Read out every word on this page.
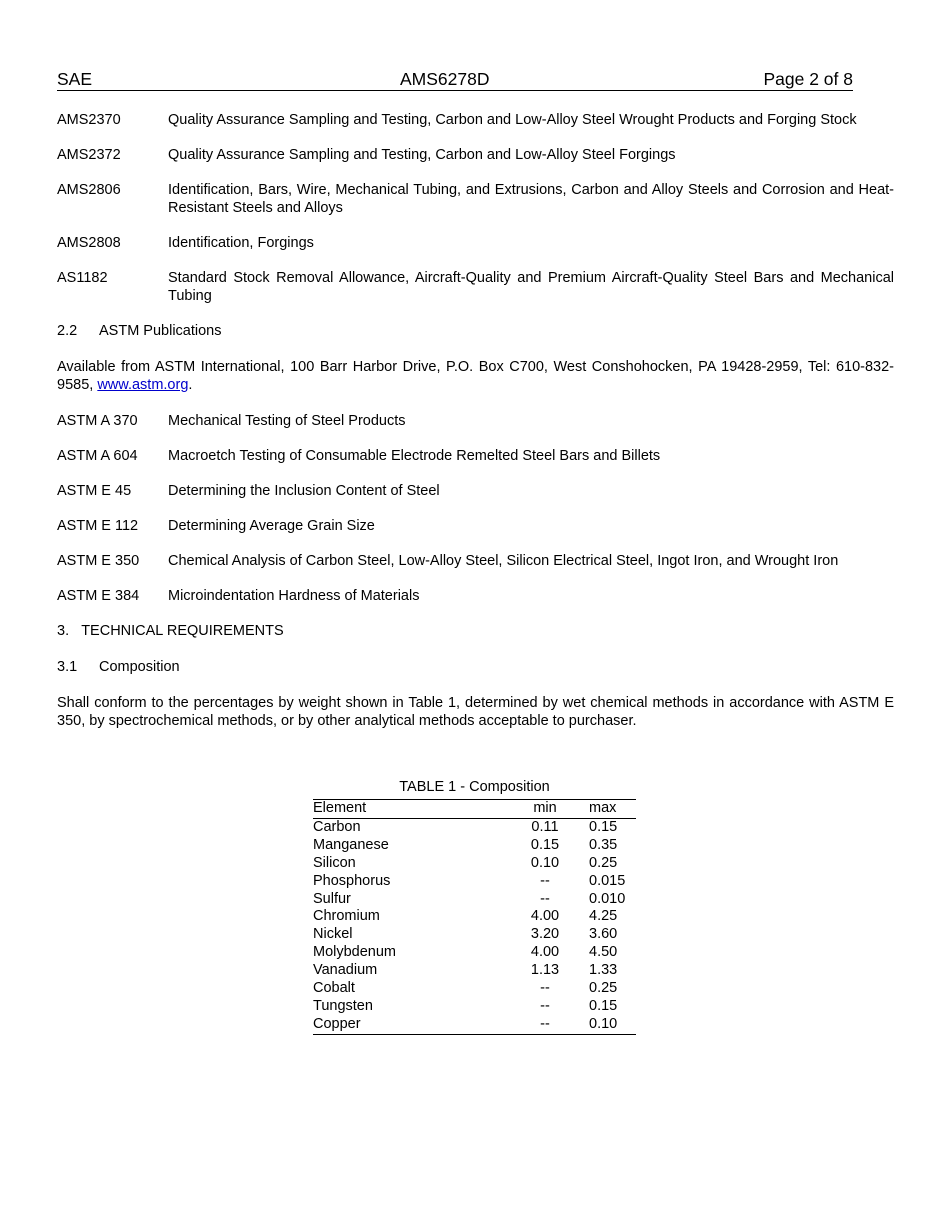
SAE	AMS6278D	Page 2 of 8
AMS2370	Quality Assurance Sampling and Testing, Carbon and Low-Alloy Steel Wrought Products and Forging Stock
AMS2372	Quality Assurance Sampling and Testing, Carbon and Low-Alloy Steel Forgings
AMS2806	Identification, Bars, Wire, Mechanical Tubing, and Extrusions, Carbon and Alloy Steels and Corrosion and Heat-Resistant Steels and Alloys
AMS2808	Identification, Forgings
AS1182	Standard Stock Removal Allowance, Aircraft-Quality and Premium Aircraft-Quality Steel Bars and Mechanical Tubing
2.2 ASTM Publications
Available from ASTM International, 100 Barr Harbor Drive, P.O. Box C700, West Conshohocken, PA 19428-2959, Tel: 610-832-9585, www.astm.org.
ASTM A 370	Mechanical Testing of Steel Products
ASTM A 604	Macroetch Testing of Consumable Electrode Remelted Steel Bars and Billets
ASTM E 45	Determining the Inclusion Content of Steel
ASTM E 112	Determining Average Grain Size
ASTM E 350	Chemical Analysis of Carbon Steel, Low-Alloy Steel, Silicon Electrical Steel, Ingot Iron, and Wrought Iron
ASTM E 384	Microindentation Hardness of Materials
3. TECHNICAL REQUIREMENTS
3.1 Composition
Shall conform to the percentages by weight shown in Table 1, determined by wet chemical methods in accordance with ASTM E 350, by spectrochemical methods, or by other analytical methods acceptable to purchaser.
TABLE 1 - Composition
Element	min	max
Carbon	0.11	0.15
Manganese	0.15	0.35
Silicon	0.10	0.25
Phosphorus	--	0.015
Sulfur	--	0.010
Chromium	4.00	4.25
Nickel	3.20	3.60
Molybdenum	4.00	4.50
Vanadium	1.13	1.33
Cobalt	--	0.25
Tungsten	--	0.15
Copper	--	0.10
